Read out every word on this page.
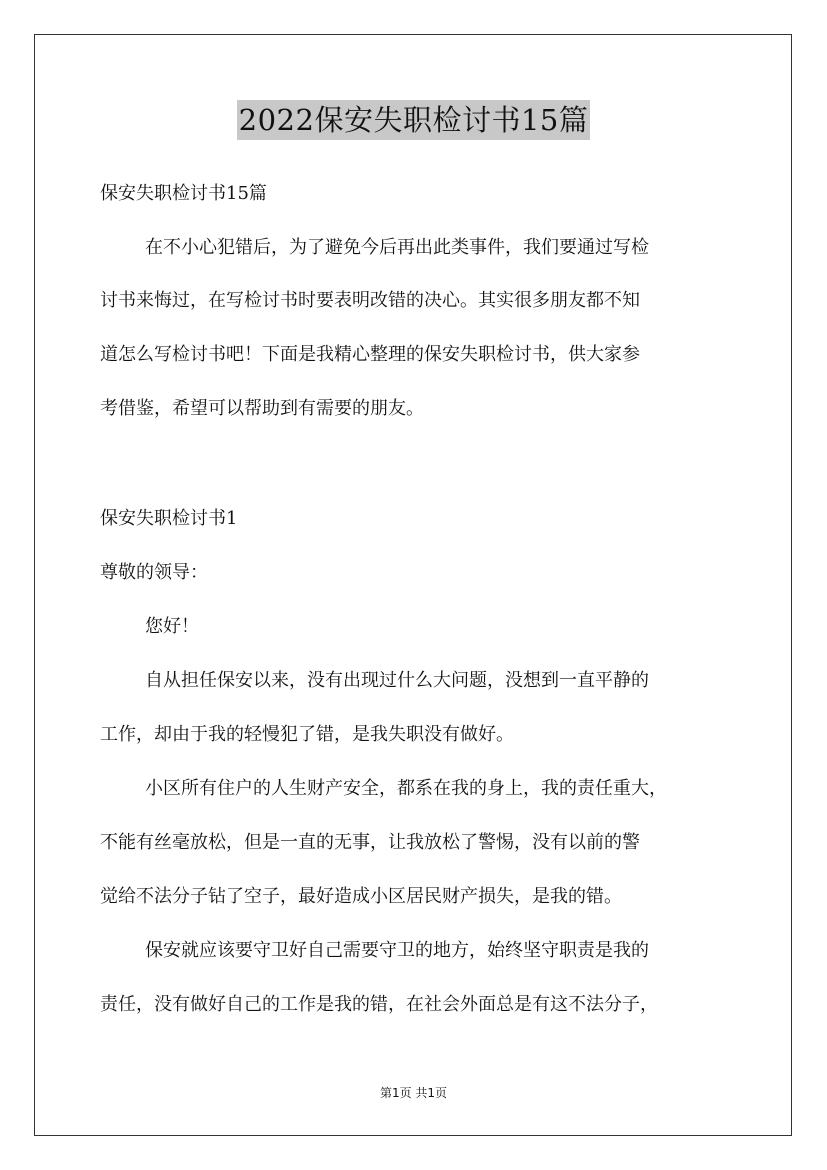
2022保安失职检讨书15篇
保安失职检讨书15篇
在不小心犯错后，为了避免今后再出此类事件，我们要通过写检
讨书来悔过，在写检讨书时要表明改错的决心。其实很多朋友都不知
道怎么写检讨书吧！下面是我精心整理的保安失职检讨书，供大家参
考借鉴，希望可以帮助到有需要的朋友。
保安失职检讨书1
尊敬的领导：
您好！
自从担任保安以来，没有出现过什么大问题，没想到一直平静的
工作，却由于我的轻慢犯了错，是我失职没有做好。
小区所有住户的人生财产安全，都系在我的身上，我的责任重大，
不能有丝毫放松，但是一直的无事，让我放松了警惕，没有以前的警
觉给不法分子钻了空子，最好造成小区居民财产损失，是我的错。
保安就应该要守卫好自己需要守卫的地方，始终坚守职责是我的
责任，没有做好自己的工作是我的错，在社会外面总是有这不法分子，
第1页 共1页
